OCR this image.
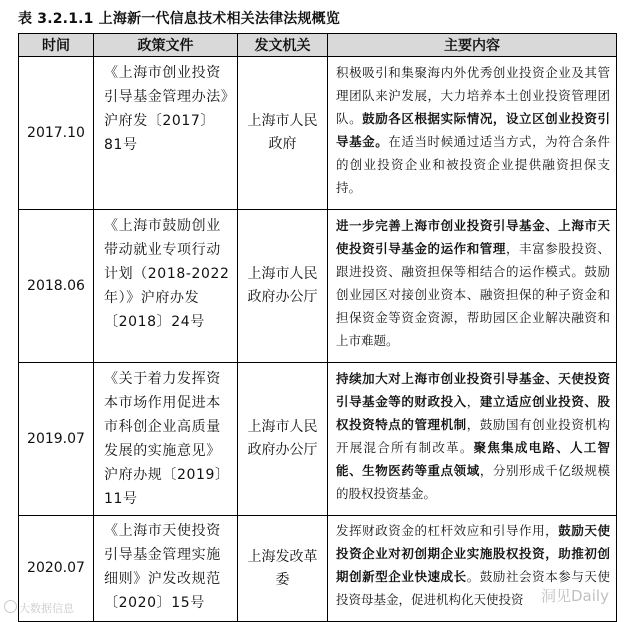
表 3.2.1.1 上海新一代信息技术相关法律法规概览
时间	政策文件	发文机关	主要内容
2017.10	《上海市创业投资引导基金管理办法》沪府发〔2017〕81号	上海市人民政府	积极吸引和集聚海内外优秀创业投资企业及其管理团队来沪发展，大力培养本土创业投资管理团队。鼓励各区根据实际情况，设立区创业投资引导基金。在适当时候通过适当方式，为符合条件的创业投资企业和被投资企业提供融资担保支持。
2018.06	《上海市鼓励创业带动就业专项行动计划（2018-2022年）》沪府办发〔2018〕24号	上海市人民政府办公厅	进一步完善上海市创业投资引导基金、上海市天使投资引导基金的运作和管理，丰富参股投资、跟进投资、融资担保等相结合的运作模式。鼓励创业园区对接创业资本、融资担保的种子资金和担保资金等资金资源，帮助园区企业解决融资和上市难题。
2019.07	《关于着力发挥资本市场作用促进本市科创企业高质量发展的实施意见》沪府办规〔2019〕11号	上海市人民政府办公厅	持续加大对上海市创业投资引导基金、天使投资引导基金等的财政投入，建立适应创业投资、股权投资特点的管理机制，鼓励国有创业投资机构开展混合所有制改革。聚焦集成电路、人工智能、生物医药等重点领域，分别形成千亿级规模的股权投资基金。
2020.07	《上海市天使投资引导基金管理实施细则》沪发改规范〔2020〕15号	上海发改革委	发挥财政资金的杠杆效应和引导作用，鼓励天使投资企业对初创期企业实施股权投资，助推初创期创新型企业快速成长。鼓励社会资本参与天使投资母基金，促进机构化天使投资
大数据信息
洞见Daily
